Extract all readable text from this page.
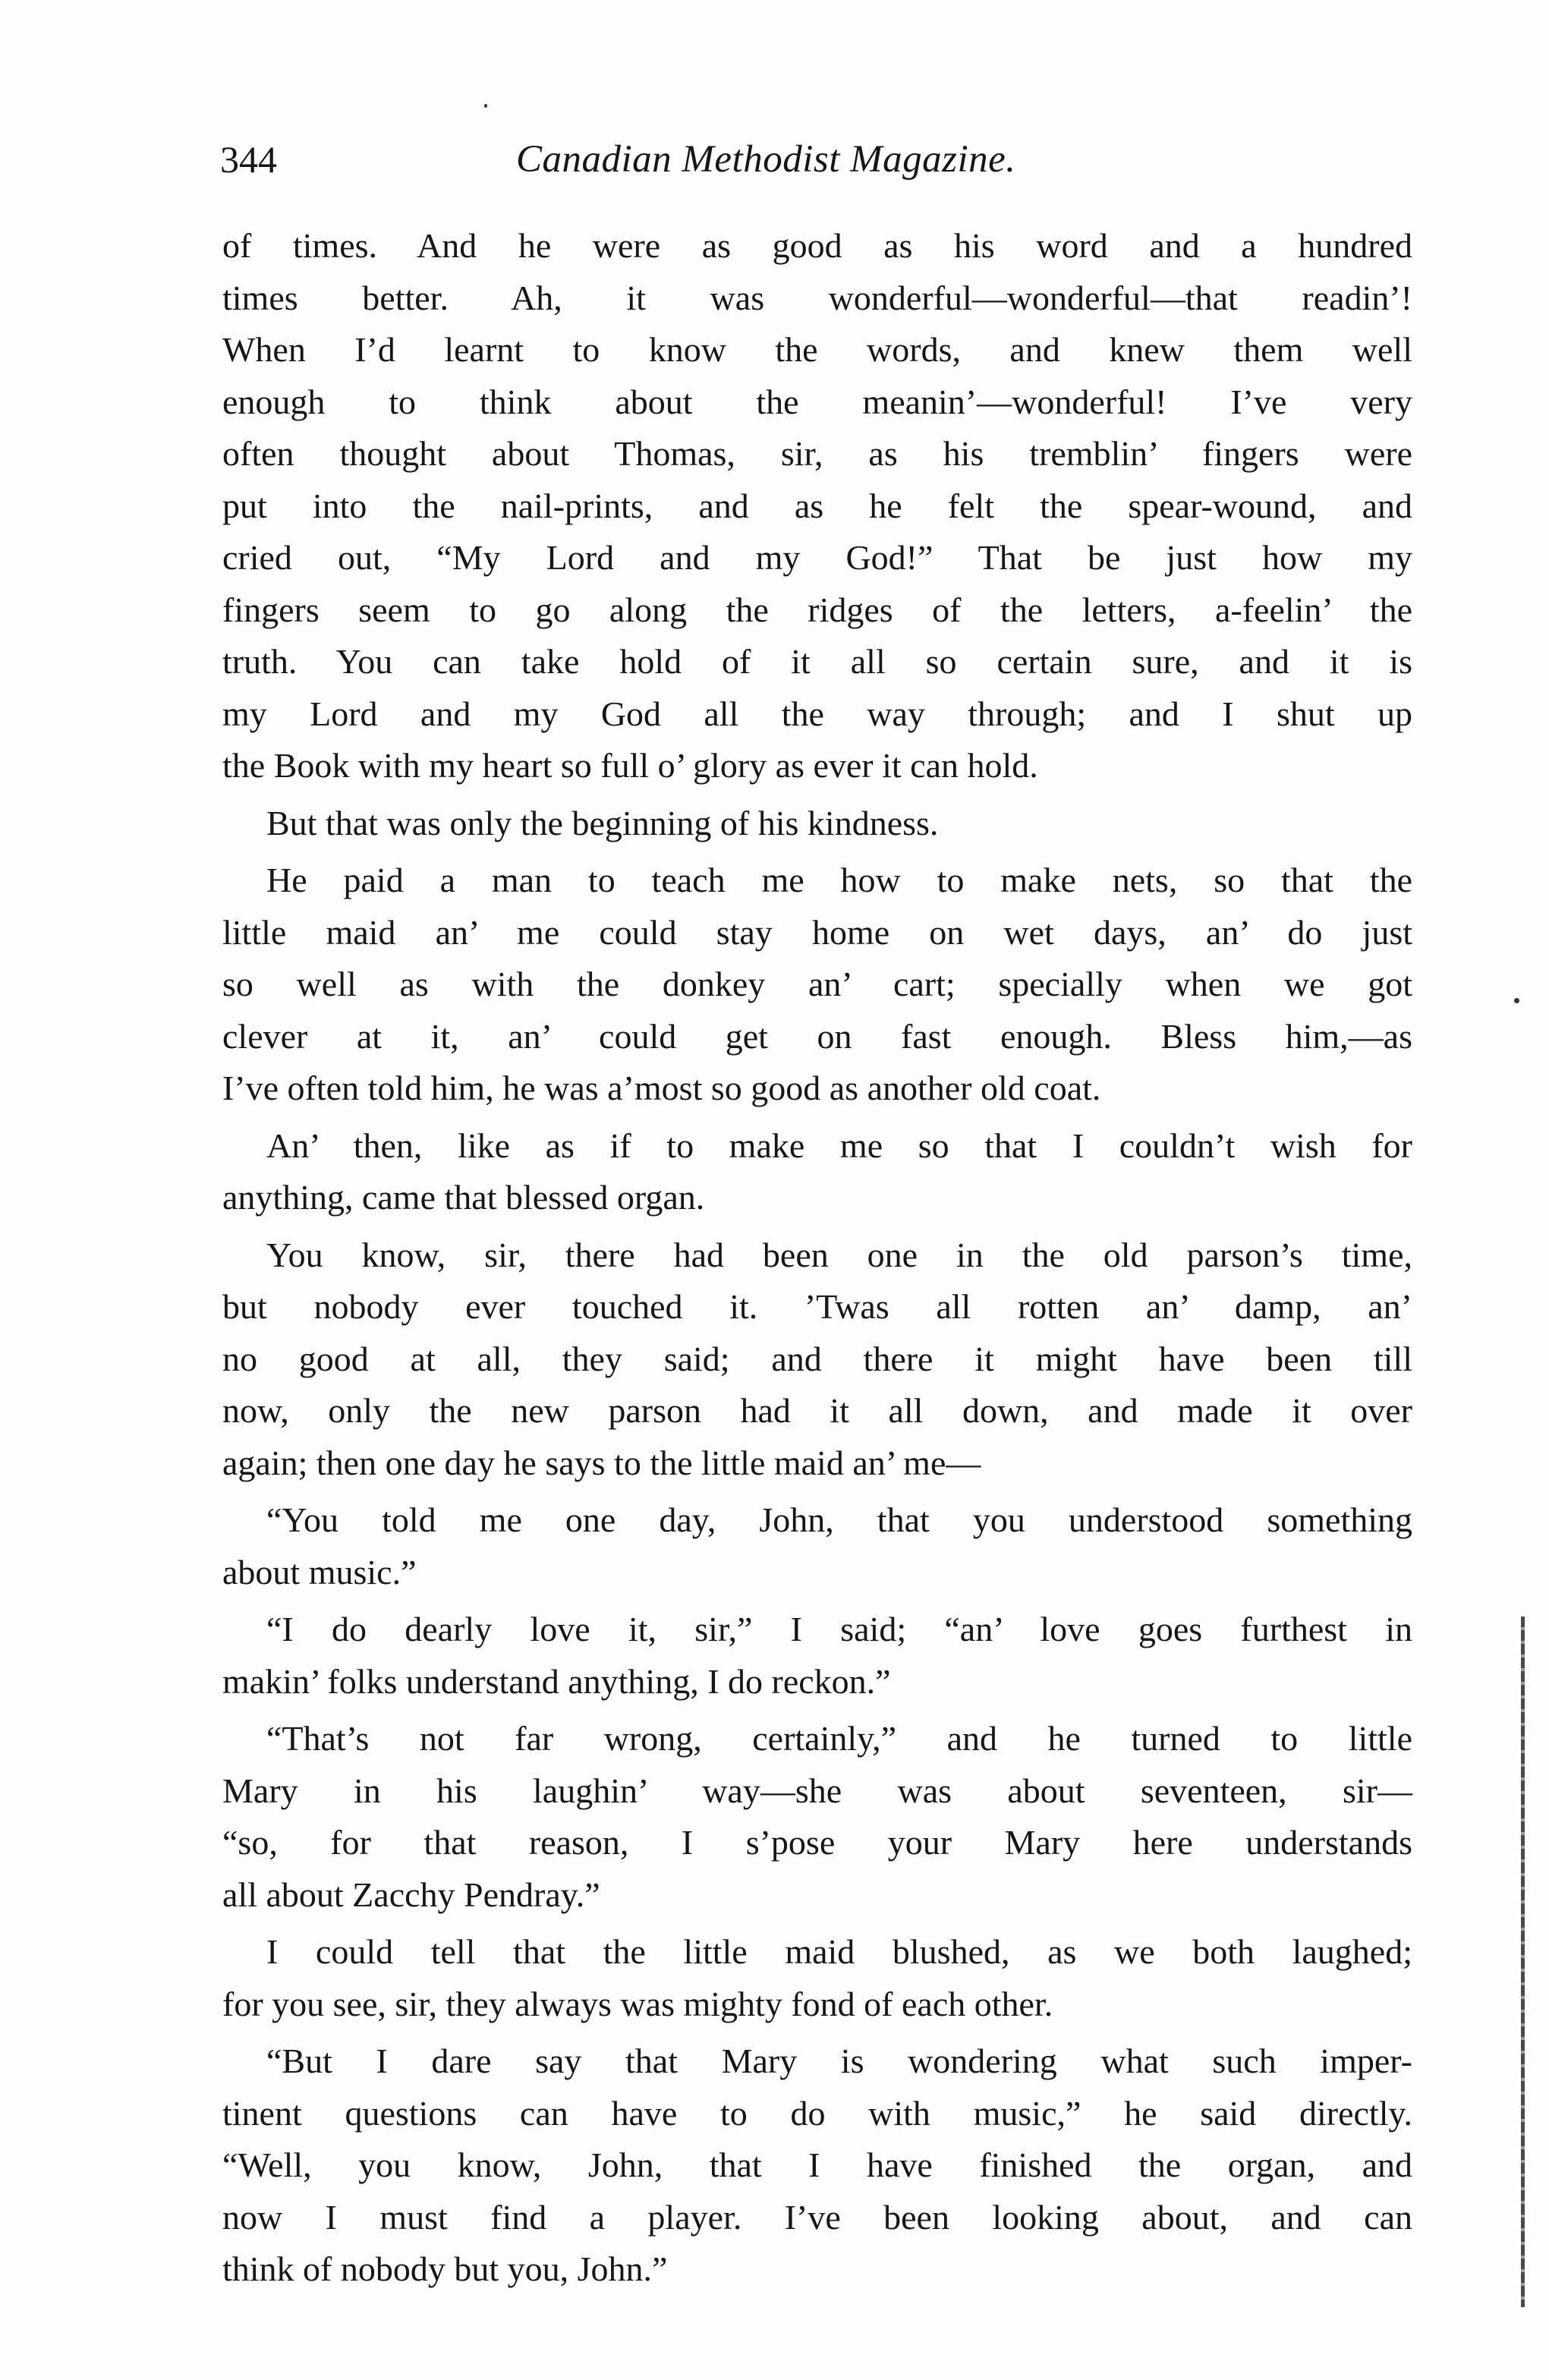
344	Canadian Methodist Magazine.
of times. And he were as good as his word and a hundred
times better. Ah, it was wonderful—wonderful—that readin’!
When I’d learnt to know the words, and knew them well
enough to think about the meanin’—wonderful! I’ve very
often thought about Thomas, sir, as his tremblin’ fingers were
put into the nail-prints, and as he felt the spear-wound, and
cried out, “My Lord and my God!” That be just how my
fingers seem to go along the ridges of the letters, a-feelin’ the
truth. You can take hold of it all so certain sure, and it is
my Lord and my God all the way through; and I shut up
the Book with my heart so full o’ glory as ever it can hold.
But that was only the beginning of his kindness.
He paid a man to teach me how to make nets, so that the
little maid an’ me could stay home on wet days, an’ do just
so well as with the donkey an’ cart; specially when we got
clever at it, an’ could get on fast enough. Bless him,—as
I’ve often told him, he was a’most so good as another old coat.
An’ then, like as if to make me so that I couldn’t wish for
anything, came that blessed organ.
You know, sir, there had been one in the old parson’s time,
but nobody ever touched it. ’Twas all rotten an’ damp, an’
no good at all, they said; and there it might have been till
now, only the new parson had it all down, and made it over
again; then one day he says to the little maid an’ me—
“You told me one day, John, that you understood something
about music.”
“I do dearly love it, sir,” I said; “an’ love goes furthest in
makin’ folks understand anything, I do reckon.”
“That’s not far wrong, certainly,” and he turned to little
Mary in his laughin’ way—she was about seventeen, sir—
“so, for that reason, I s’pose your Mary here understands
all about Zacchy Pendray.”
I could tell that the little maid blushed, as we both laughed;
for you see, sir, they always was mighty fond of each other.
“But I dare say that Mary is wondering what such imper-
tinent questions can have to do with music,” he said directly.
“Well, you know, John, that I have finished the organ, and
now I must find a player. I’ve been looking about, and can
think of nobody but you, John.”
